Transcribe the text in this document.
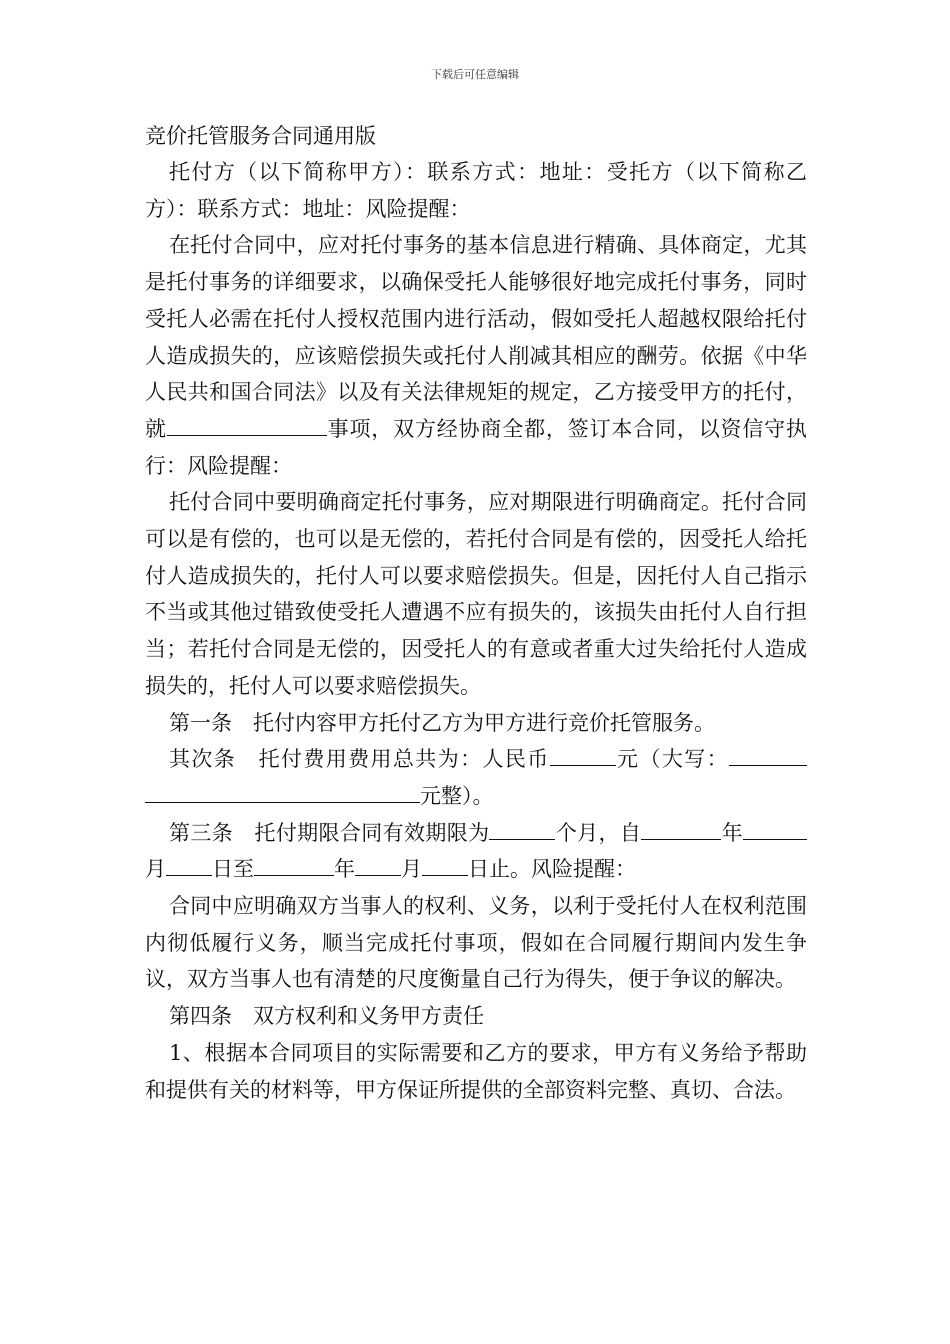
下载后可任意编辑
竞价托管服务合同通用版

托付方（以下简称甲方）：联系方式：地址：受托方（以下简称乙方）：联系方式：地址：风险提醒：

在托付合同中，应对托付事务的基本信息进行精确、具体商定，尤其是托付事务的详细要求，以确保受托人能够很好地完成托付事务，同时受托人必需在托付人授权范围内进行活动，假如受托人超越权限给托付人造成损失的，应该赔偿损失或托付人削减其相应的酬劳。依据《中华人民共和国合同法》以及有关法律规矩的规定，乙方接受甲方的托付，就	事项，双方经协商全都，签订本合同，以资信守执行：风险提醒：

托付合同中要明确商定托付事务，应对期限进行明确商定。托付合同可以是有偿的，也可以是无偿的，若托付合同是有偿的，因受托人给托付人造成损失的，托付人可以要求赔偿损失。但是，因托付人自己指示不当或其他过错致使受托人遭遇不应有损失的，该损失由托付人自行担当；若托付合同是无偿的，因受托人的有意或者重大过失给托付人造成损失的，托付人可以要求赔偿损失。

第一条　托付内容甲方托付乙方为甲方进行竞价托管服务。

其次条　托付费用费用总共为：人民币	元（大写：元整）。

第三条　托付期限合同有效期限为	个月，自	年月 日至	年 月 日止。风险提醒：

合同中应明确双方当事人的权利、义务，以利于受托付人在权利范围内彻低履行义务，顺当完成托付事项，假如在合同履行期间内发生争议，双方当事人也有清楚的尺度衡量自己行为得失，便于争议的解决。

第四条　双方权利和义务甲方责任

1、根据本合同项目的实际需要和乙方的要求，甲方有义务给予帮助和提供有关的材料等，甲方保证所提供的全部资料完整、真切、合法。
